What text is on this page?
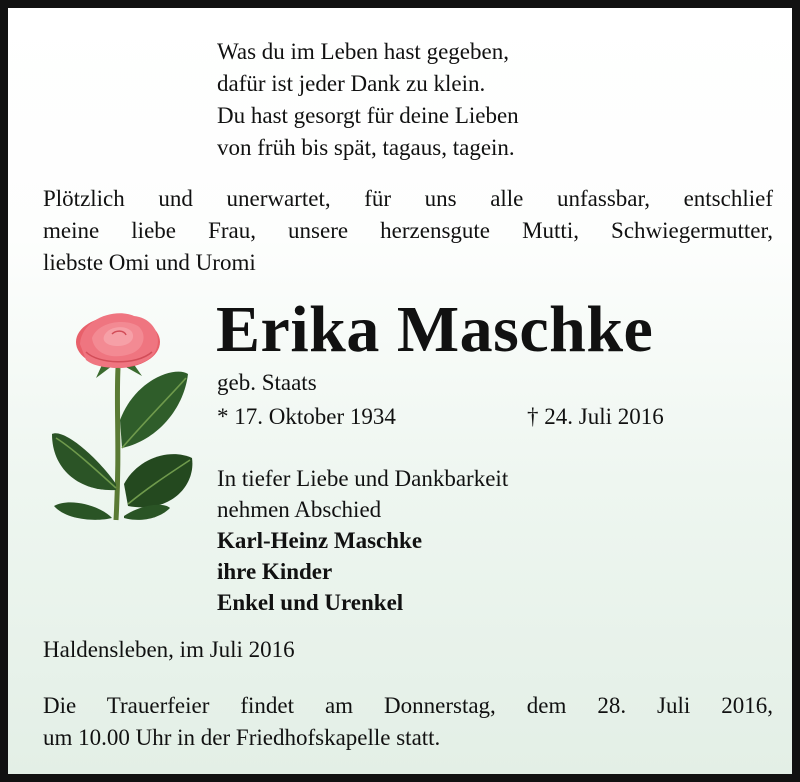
Was du im Leben hast gegeben,
dafür ist jeder Dank zu klein.
Du hast gesorgt für deine Lieben
von früh bis spät, tagaus, tagein.
Plötzlich und unerwartet, für uns alle unfassbar, entschlief
meine liebe Frau, unsere herzensgute Mutti, Schwiegermutter,
liebste Omi und Uromi
Erika Maschke
geb. Staats
* 17. Oktober 1934	† 24. Juli 2016
In tiefer Liebe und Dankbarkeit
nehmen Abschied
Karl-Heinz Maschke
ihre Kinder
Enkel und Urenkel
Haldensleben, im Juli 2016
Die Trauerfeier findet am Donnerstag, dem 28. Juli 2016,
um 10.00 Uhr in der Friedhofskapelle statt.
